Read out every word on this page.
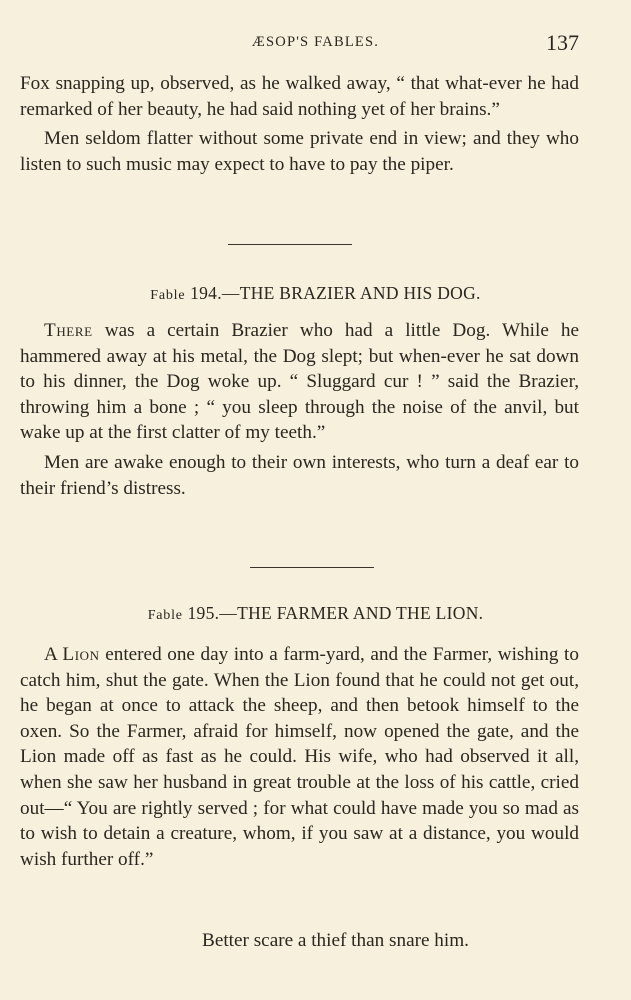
ÆSOP'S FABLES.	137

Fox snapping up, observed, as he walked away, “ that what-ever he had remarked of her beauty, he had said nothing yet of her brains.”

Men seldom flatter without some private end in view; and they who listen to such music may expect to have to pay the piper.

Fable 194.—THE BRAZIER AND HIS DOG.

There was a certain Brazier who had a little Dog. While he hammered away at his metal, the Dog slept; but when-ever he sat down to his dinner, the Dog woke up. “ Sluggard cur ! ” said the Brazier, throwing him a bone ; “ you sleep through the noise of the anvil, but wake up at the first clatter of my teeth.”

Men are awake enough to their own interests, who turn a deaf ear to their friend’s distress.

Fable 195.—THE FARMER AND THE LION.

A Lion entered one day into a farm-yard, and the Farmer, wishing to catch him, shut the gate. When the Lion found that he could not get out, he began at once to attack the sheep, and then betook himself to the oxen. So the Farmer, afraid for himself, now opened the gate, and the Lion made off as fast as he could. His wife, who had observed it all, when she saw her husband in great trouble at the loss of his cattle, cried out—“ You are rightly served ; for what could have made you so mad as to wish to detain a creature, whom, if you saw at a distance, you would wish further off.”

Better scare a thief than snare him.
